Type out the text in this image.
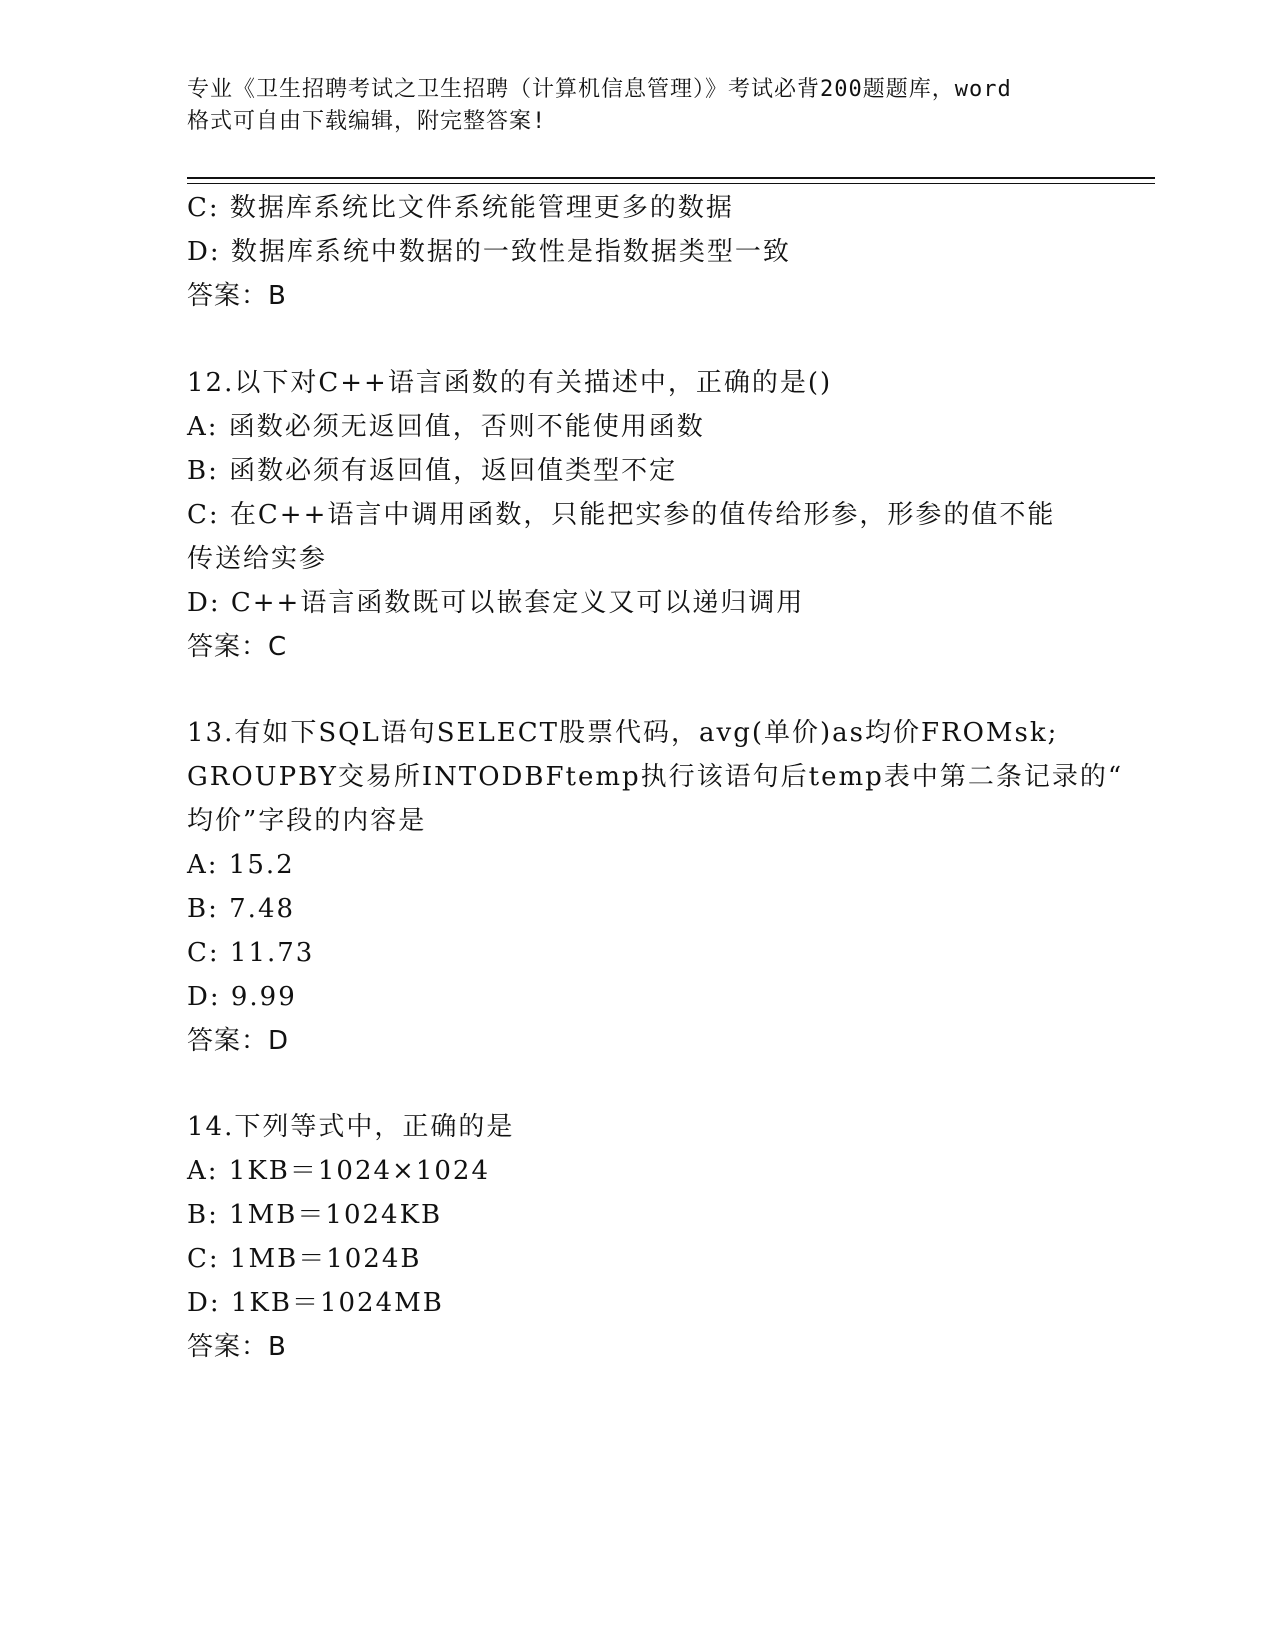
专业《卫生招聘考试之卫生招聘（计算机信息管理）》考试必背200题题库，word
格式可自由下载编辑，附完整答案!
C: 数据库系统比文件系统能管理更多的数据
D: 数据库系统中数据的一致性是指数据类型一致
答案：B
12.以下对C++语言函数的有关描述中，正确的是()
A: 函数必须无返回值，否则不能使用函数
B: 函数必须有返回值，返回值类型不定
C: 在C++语言中调用函数，只能把实参的值传给形参，形参的值不能
传送给实参
D: C++语言函数既可以嵌套定义又可以递归调用
答案：C
13.有如下SQL语句SELECT股票代码，avg(单价)as均价FROMsk;
GROUPBY交易所INTODBFtemp执行该语句后temp表中第二条记录的“
均价”字段的内容是
A: 15.2
B: 7.48
C: 11.73
D: 9.99
答案：D
14.下列等式中，正确的是
A: 1KB＝1024×1024
B: 1MB＝1024KB
C: 1MB＝1024B
D: 1KB＝1024MB
答案：B
